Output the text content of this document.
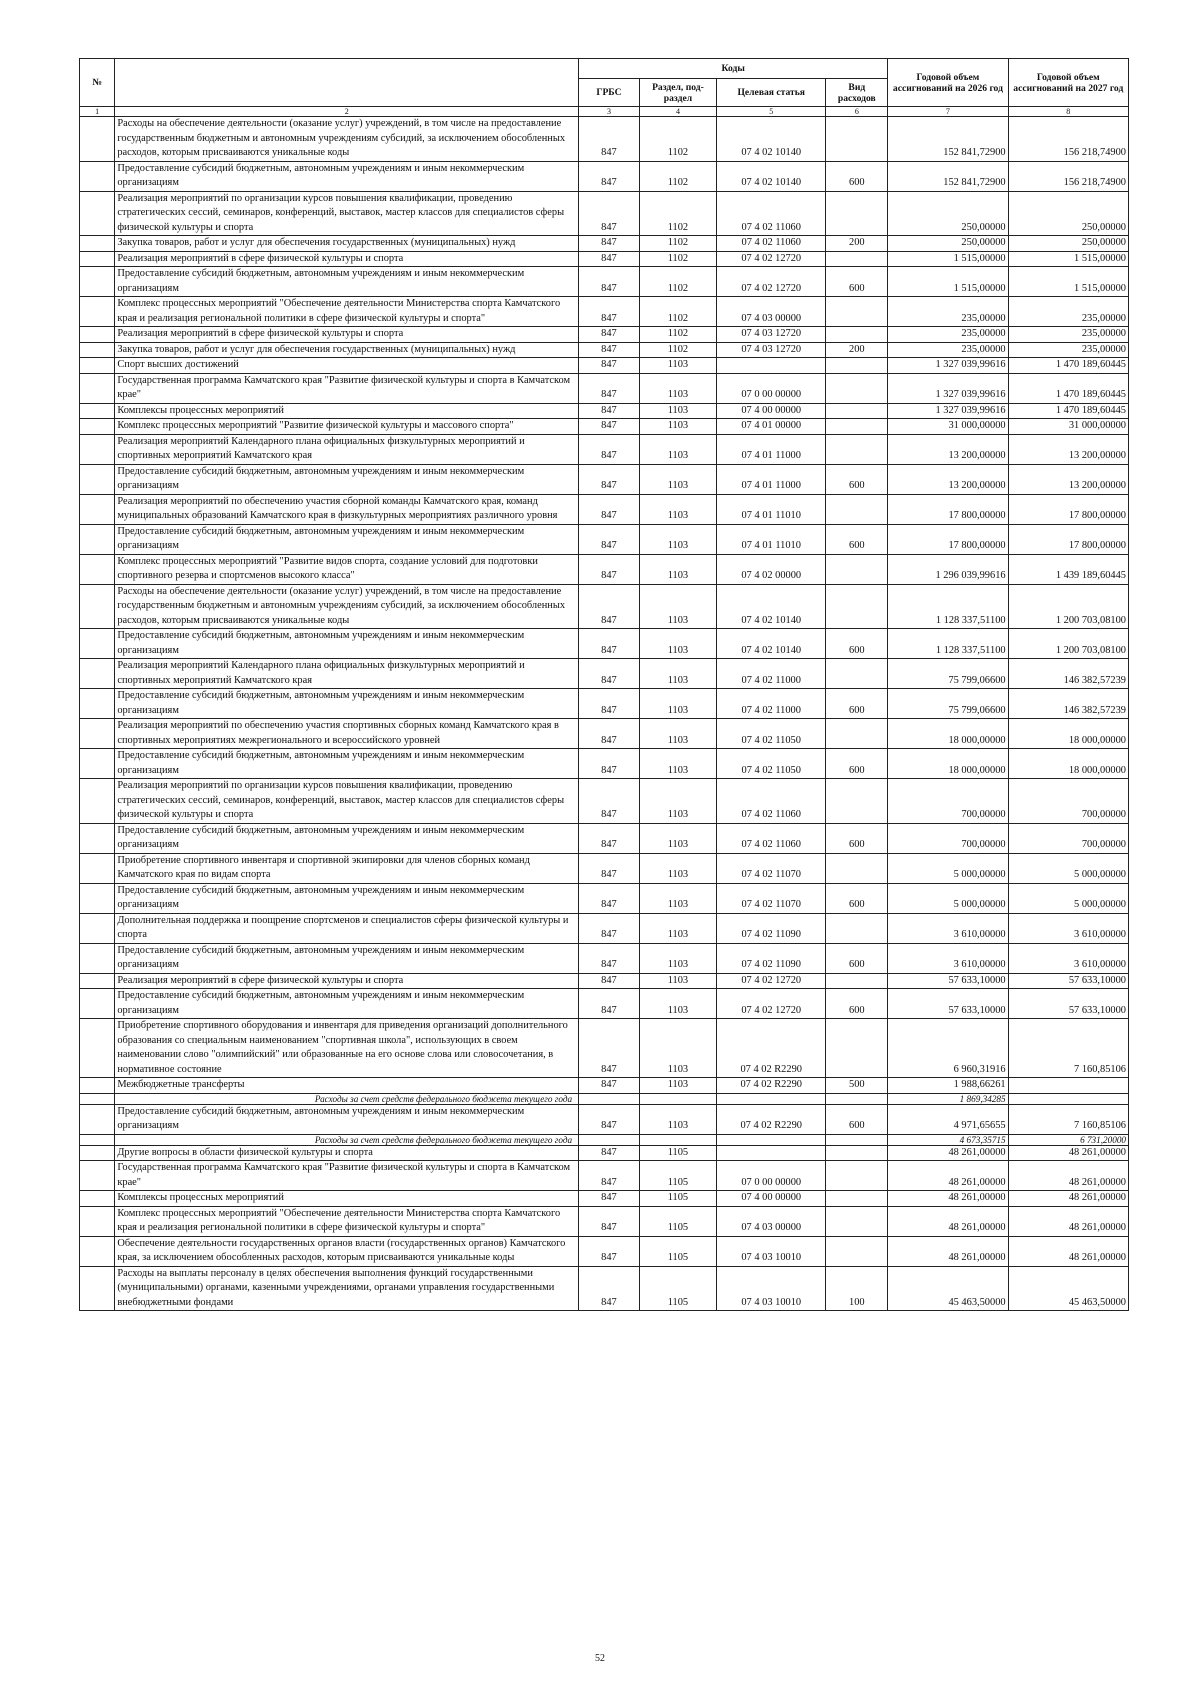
№		Коды				Годовой объем ассигнований на 2026 год	Годовой объем ассигнований на 2027 год
		ГРБС	Раздел, под-раздел	Целевая статья	Вид расходов		
1	2	3	4	5	6	7	8
	Расходы на обеспечение деятельности (оказание услуг) учреждений, в том числе на предоставление государственным бюджетным и автономным учреждениям субсидий, за исключением обособленных расходов, которым присваиваются уникальные коды	847	1102	07 4 02 10140		152 841,72900	156 218,74900
	Предоставление субсидий бюджетным, автономным учреждениям и иным некоммерческим организациям	847	1102	07 4 02 10140	600	152 841,72900	156 218,74900
	Реализация мероприятий по организации курсов повышения квалификации, проведению стратегических сессий, семинаров, конференций, выставок, мастер классов для специалистов сферы физической культуры и спорта	847	1102	07 4 02 11060		250,00000	250,00000
	Закупка товаров, работ и услуг для обеспечения государственных (муниципальных) нужд	847	1102	07 4 02 11060	200	250,00000	250,00000
	Реализация мероприятий в сфере физической культуры и спорта	847	1102	07 4 02 12720		1 515,00000	1 515,00000
	Предоставление субсидий бюджетным, автономным учреждениям и иным некоммерческим организациям	847	1102	07 4 02 12720	600	1 515,00000	1 515,00000
	Комплекс процессных мероприятий "Обеспечение деятельности Министерства спорта Камчатского края и реализация региональной политики в сфере физической культуры и спорта"	847	1102	07 4 03 00000		235,00000	235,00000
	Реализация мероприятий в сфере физической культуры и спорта	847	1102	07 4 03 12720		235,00000	235,00000
	Закупка товаров, работ и услуг для обеспечения государственных (муниципальных) нужд	847	1102	07 4 03 12720	200	235,00000	235,00000
	Спорт высших достижений	847	1103			1 327 039,99616	1 470 189,60445
	Государственная программа Камчатского края "Развитие физической культуры и спорта в Камчатском крае"	847	1103	07 0 00 00000		1 327 039,99616	1 470 189,60445
	Комплексы процессных мероприятий	847	1103	07 4 00 00000		1 327 039,99616	1 470 189,60445
	Комплекс процессных мероприятий "Развитие физической культуры и массового спорта"	847	1103	07 4 01 00000		31 000,00000	31 000,00000
	Реализация мероприятий Календарного плана официальных физкультурных мероприятий и спортивных мероприятий Камчатского края	847	1103	07 4 01 11000		13 200,00000	13 200,00000
	Предоставление субсидий бюджетным, автономным учреждениям и иным некоммерческим организациям	847	1103	07 4 01 11000	600	13 200,00000	13 200,00000
	Реализация мероприятий по обеспечению участия сборной команды Камчатского края, команд муниципальных образований Камчатского края в физкультурных мероприятиях различного уровня	847	1103	07 4 01 11010		17 800,00000	17 800,00000
	Предоставление субсидий бюджетным, автономным учреждениям и иным некоммерческим организациям	847	1103	07 4 01 11010	600	17 800,00000	17 800,00000
	Комплекс процессных мероприятий "Развитие видов спорта, создание условий для подготовки спортивного резерва и спортсменов высокого класса"	847	1103	07 4 02 00000		1 296 039,99616	1 439 189,60445
	Расходы на обеспечение деятельности (оказание услуг) учреждений, в том числе на предоставление государственным бюджетным и автономным учреждениям субсидий, за исключением обособленных расходов, которым присваиваются уникальные коды	847	1103	07 4 02 10140		1 128 337,51100	1 200 703,08100
	Предоставление субсидий бюджетным, автономным учреждениям и иным некоммерческим организациям	847	1103	07 4 02 10140	600	1 128 337,51100	1 200 703,08100
	Реализация мероприятий Календарного плана официальных физкультурных мероприятий и спортивных мероприятий Камчатского края	847	1103	07 4 02 11000		75 799,06600	146 382,57239
	Предоставление субсидий бюджетным, автономным учреждениям и иным некоммерческим организациям	847	1103	07 4 02 11000	600	75 799,06600	146 382,57239
	Реализация мероприятий по обеспечению участия спортивных сборных команд Камчатского края в спортивных мероприятиях межрегионального и всероссийского уровней	847	1103	07 4 02 11050		18 000,00000	18 000,00000
	Предоставление субсидий бюджетным, автономным учреждениям и иным некоммерческим организациям	847	1103	07 4 02 11050	600	18 000,00000	18 000,00000
	Реализация мероприятий по организации курсов повышения квалификации, проведению стратегических сессий, семинаров, конференций, выставок, мастер классов для специалистов сферы физической культуры и спорта	847	1103	07 4 02 11060		700,00000	700,00000
	Предоставление субсидий бюджетным, автономным учреждениям и иным некоммерческим организациям	847	1103	07 4 02 11060	600	700,00000	700,00000
	Приобретение спортивного инвентаря и спортивной экипировки для членов сборных команд Камчатского края по видам спорта	847	1103	07 4 02 11070		5 000,00000	5 000,00000
	Предоставление субсидий бюджетным, автономным учреждениям и иным некоммерческим организациям	847	1103	07 4 02 11070	600	5 000,00000	5 000,00000
	Дополнительная поддержка и поощрение спортсменов и специалистов сферы физической культуры и спорта	847	1103	07 4 02 11090		3 610,00000	3 610,00000
	Предоставление субсидий бюджетным, автономным учреждениям и иным некоммерческим организациям	847	1103	07 4 02 11090	600	3 610,00000	3 610,00000
	Реализация мероприятий в сфере физической культуры и спорта	847	1103	07 4 02 12720		57 633,10000	57 633,10000
	Предоставление субсидий бюджетным, автономным учреждениям и иным некоммерческим организациям	847	1103	07 4 02 12720	600	57 633,10000	57 633,10000
	Приобретение спортивного оборудования и инвентаря для приведения организаций дополнительного образования со специальным наименованием "спортивная школа", использующих в своем наименовании слово "олимпийский" или образованные на его основе слова или словосочетания, в нормативное состояние	847	1103	07 4 02 R2290		6 960,31916	7 160,85106
	Межбюджетные трансферты	847	1103	07 4 02 R2290	500	1 988,66261	
	Расходы за счет средств федерального бюджета текущего года					1 869,34285	
	Предоставление субсидий бюджетным, автономным учреждениям и иным некоммерческим организациям	847	1103	07 4 02 R2290	600	4 971,65655	7 160,85106
	Расходы за счет средств федерального бюджета текущего года					4 673,35715	6 731,20000
	Другие вопросы в области физической культуры и спорта	847	1105			48 261,00000	48 261,00000
	Государственная программа Камчатского края "Развитие физической культуры и спорта в Камчатском крае"	847	1105	07 0 00 00000		48 261,00000	48 261,00000
	Комплексы процессных мероприятий	847	1105	07 4 00 00000		48 261,00000	48 261,00000
	Комплекс процессных мероприятий "Обеспечение деятельности Министерства спорта Камчатского края и реализация региональной политики в сфере физической культуры и спорта"	847	1105	07 4 03 00000		48 261,00000	48 261,00000
	Обеспечение деятельности государственных органов власти (государственных органов) Камчатского края, за исключением обособленных расходов, которым присваиваются уникальные коды	847	1105	07 4 03 10010		48 261,00000	48 261,00000
	Расходы на выплаты персоналу в целях обеспечения выполнения функций государственными (муниципальными) органами, казенными учреждениями, органами управления государственными внебюджетными фондами	847	1105	07 4 03 10010	100	45 463,50000	45 463,50000
52
